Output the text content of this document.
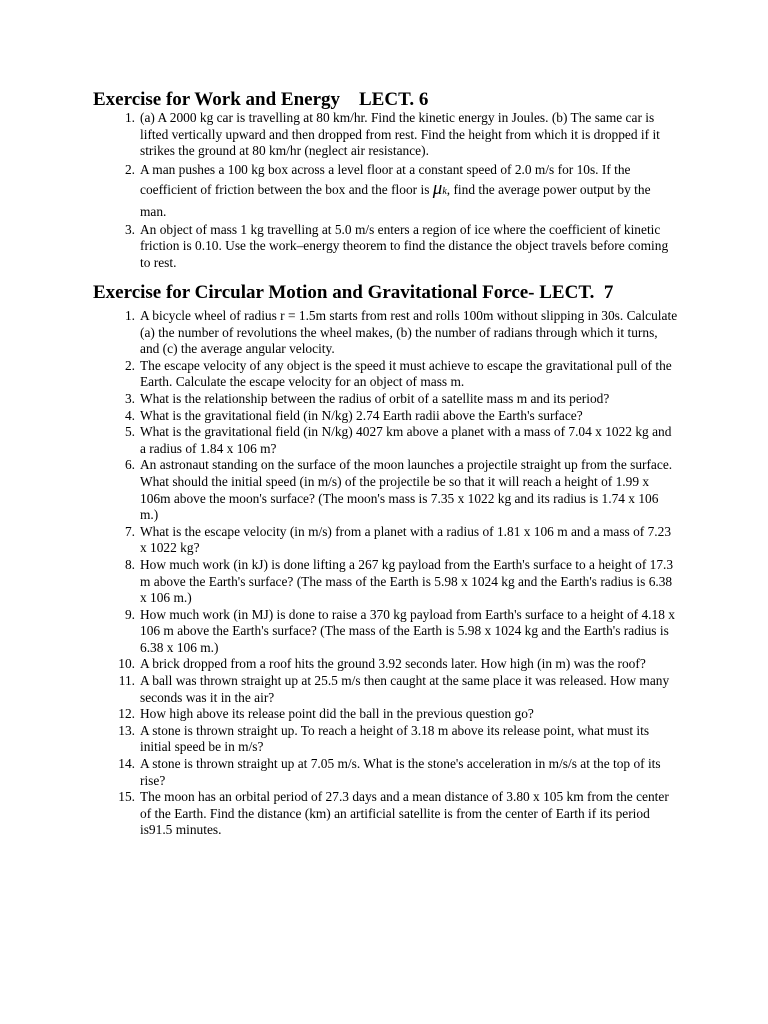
Exercise for Work and Energy    LECT. 6
1. (a) A 2000 kg car is travelling at 80 km/hr. Find the kinetic energy in Joules. (b) The same car is lifted vertically upward and then dropped from rest. Find the height from which it is dropped if it strikes the ground at 80 km/hr (neglect air resistance).
2. A man pushes a 100 kg box across a level floor at a constant speed of 2.0 m/s for 10s. If the coefficient of friction between the box and the floor is μk, find the average power output by the man.
3. An object of mass 1 kg travelling at 5.0 m/s enters a region of ice where the coefficient of kinetic friction is 0.10. Use the work–energy theorem to find the distance the object travels before coming to rest.
Exercise for Circular Motion and Gravitational Force- LECT.  7
1. A bicycle wheel of radius r = 1.5m starts from rest and rolls 100m without slipping in 30s. Calculate (a) the number of revolutions the wheel makes, (b) the number of radians through which it turns, and (c) the average angular velocity.
2. The escape velocity of any object is the speed it must achieve to escape the gravitational pull of the Earth. Calculate the escape velocity for an object of mass m.
3. What is the relationship between the radius of orbit of a satellite mass m and its period?
4. What is the gravitational field (in N/kg) 2.74 Earth radii above the Earth's surface?
5. What is the gravitational field (in N/kg) 4027 km above a planet with a mass of 7.04 x 1022 kg and a radius of 1.84 x 106 m?
6. An astronaut standing on the surface of the moon launches a projectile straight up from the surface. What should the initial speed (in m/s) of the projectile be so that it will reach a height of 1.99 x 106m above the moon's surface? (The moon's mass is 7.35 x 1022 kg and its radius is 1.74 x 106 m.)
7. What is the escape velocity (in m/s) from a planet with a radius of 1.81 x 106 m and a mass of 7.23 x 1022 kg?
8. How much work (in kJ) is done lifting a 267 kg payload from the Earth's surface to a height of 17.3 m above the Earth's surface? (The mass of the Earth is 5.98 x 1024 kg and the Earth's radius is 6.38 x 106 m.)
9. How much work (in MJ) is done to raise a 370 kg payload from Earth's surface to a height of 4.18 x 106 m above the Earth's surface? (The mass of the Earth is 5.98 x 1024 kg and the Earth's radius is 6.38 x 106 m.)
10. A brick dropped from a roof hits the ground 3.92 seconds later. How high (in m) was the roof?
11. A ball was thrown straight up at 25.5 m/s then caught at the same place it was released. How many seconds was it in the air?
12. How high above its release point did the ball in the previous question go?
13. A stone is thrown straight up. To reach a height of 3.18 m above its release point, what must its initial speed be in m/s?
14. A stone is thrown straight up at 7.05 m/s. What is the stone's acceleration in m/s/s at the top of its rise?
15. The moon has an orbital period of 27.3 days and a mean distance of 3.80 x 105 km from the center of the Earth. Find the distance (km) an artificial satellite is from the center of Earth if its period is91.5 minutes.
